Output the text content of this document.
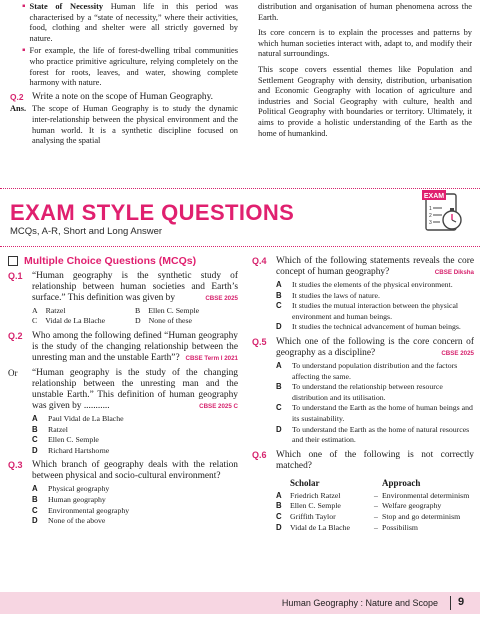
▪ State of Necessity Human life in this period was characterised by a “state of necessity,” where their activities, food, clothing and shelter were all strictly governed by nature.
▪ For example, the life of forest-dwelling tribal communities who practice primitive agriculture, relying completely on the forest for roots, leaves, and water, showing complete harmony with nature.
Q.2 Write a note on the scope of Human Geography.
Ans. The scope of Human Geography is to study the dynamic inter-relationship between the physical environment and the human world. It is a synthetic discipline focused on analysing the spatial

distribution and organisation of human phenomena across the Earth.

Its core concern is to explain the processes and patterns by which human societies interact with, adapt to, and modify their natural surroundings.

This scope covers essential themes like Population and Settlement Geography with density, distribution, urbanisation and Economic Geography with location of agriculture and industries and Social Geography with culture, health and Political Geography with boundaries or territory. Ultimately, it aims to provide a holistic understanding of the Earth as the home of humankind.

EXAM STYLE QUESTIONS
MCQs, A-R, Short and Long Answer
EXAM
1
2
3
Multiple Choice Questions (MCQs)
Q.1	“Human geography is the synthetic study of relationship between human societies and Earth’s surface.” This definition was given by	CBSE 2025
A Ratzel	B Ellen C. Semple
C Vidal de La Blache	D None of these
Q.2	Who among the following defined “Human geography is the study of the changing relationship between the unresting man and the unstable Earth”? CBSE Term I 2021
Or	“Human geography is the study of the changing relationship between the unresting man and the unstable Earth.” This definition of human geography was given by ...........	CBSE 2025 C
A	Paul Vidal de La Blache
B	Ratzel
C	Ellen C. Semple
D	Richard Hartshorne
Q.3	Which branch of geography deals with the relation between physical and socio-cultural environment?
A	Physical geography
B	Human geography
C	Environmental geography
D	None of the above
Q.4	Which of the following statements reveals the core concept of human geography?	CBSE Diksha
A	It studies the elements of the physical environment.
B	It studies the laws of nature.
C	It studies the mutual interaction between the physical environment and human beings.
D	It studies the technical advancement of human beings.
Q.5	Which one of the following is the core concern of geography as a discipline?	CBSE 2025
A	To understand population distribution and the factors affecting the same.
B	To understand the relationship between resource distribution and its utilisation.
C	To understand the Earth as the home of human beings and its sustainability.
D	To understand the Earth as the home of natural resources and their estimation.
Q.6	Which one of the following is not correctly matched?
Scholar	Approach
A	Friedrich Ratzel	– Environmental determinism
B	Ellen C. Semple	– Welfare geography
C	Griffith Taylor	– Stop and go determinism
D	Vidal de La Blache	– Possibilism
Human Geography : Nature and Scope 9
